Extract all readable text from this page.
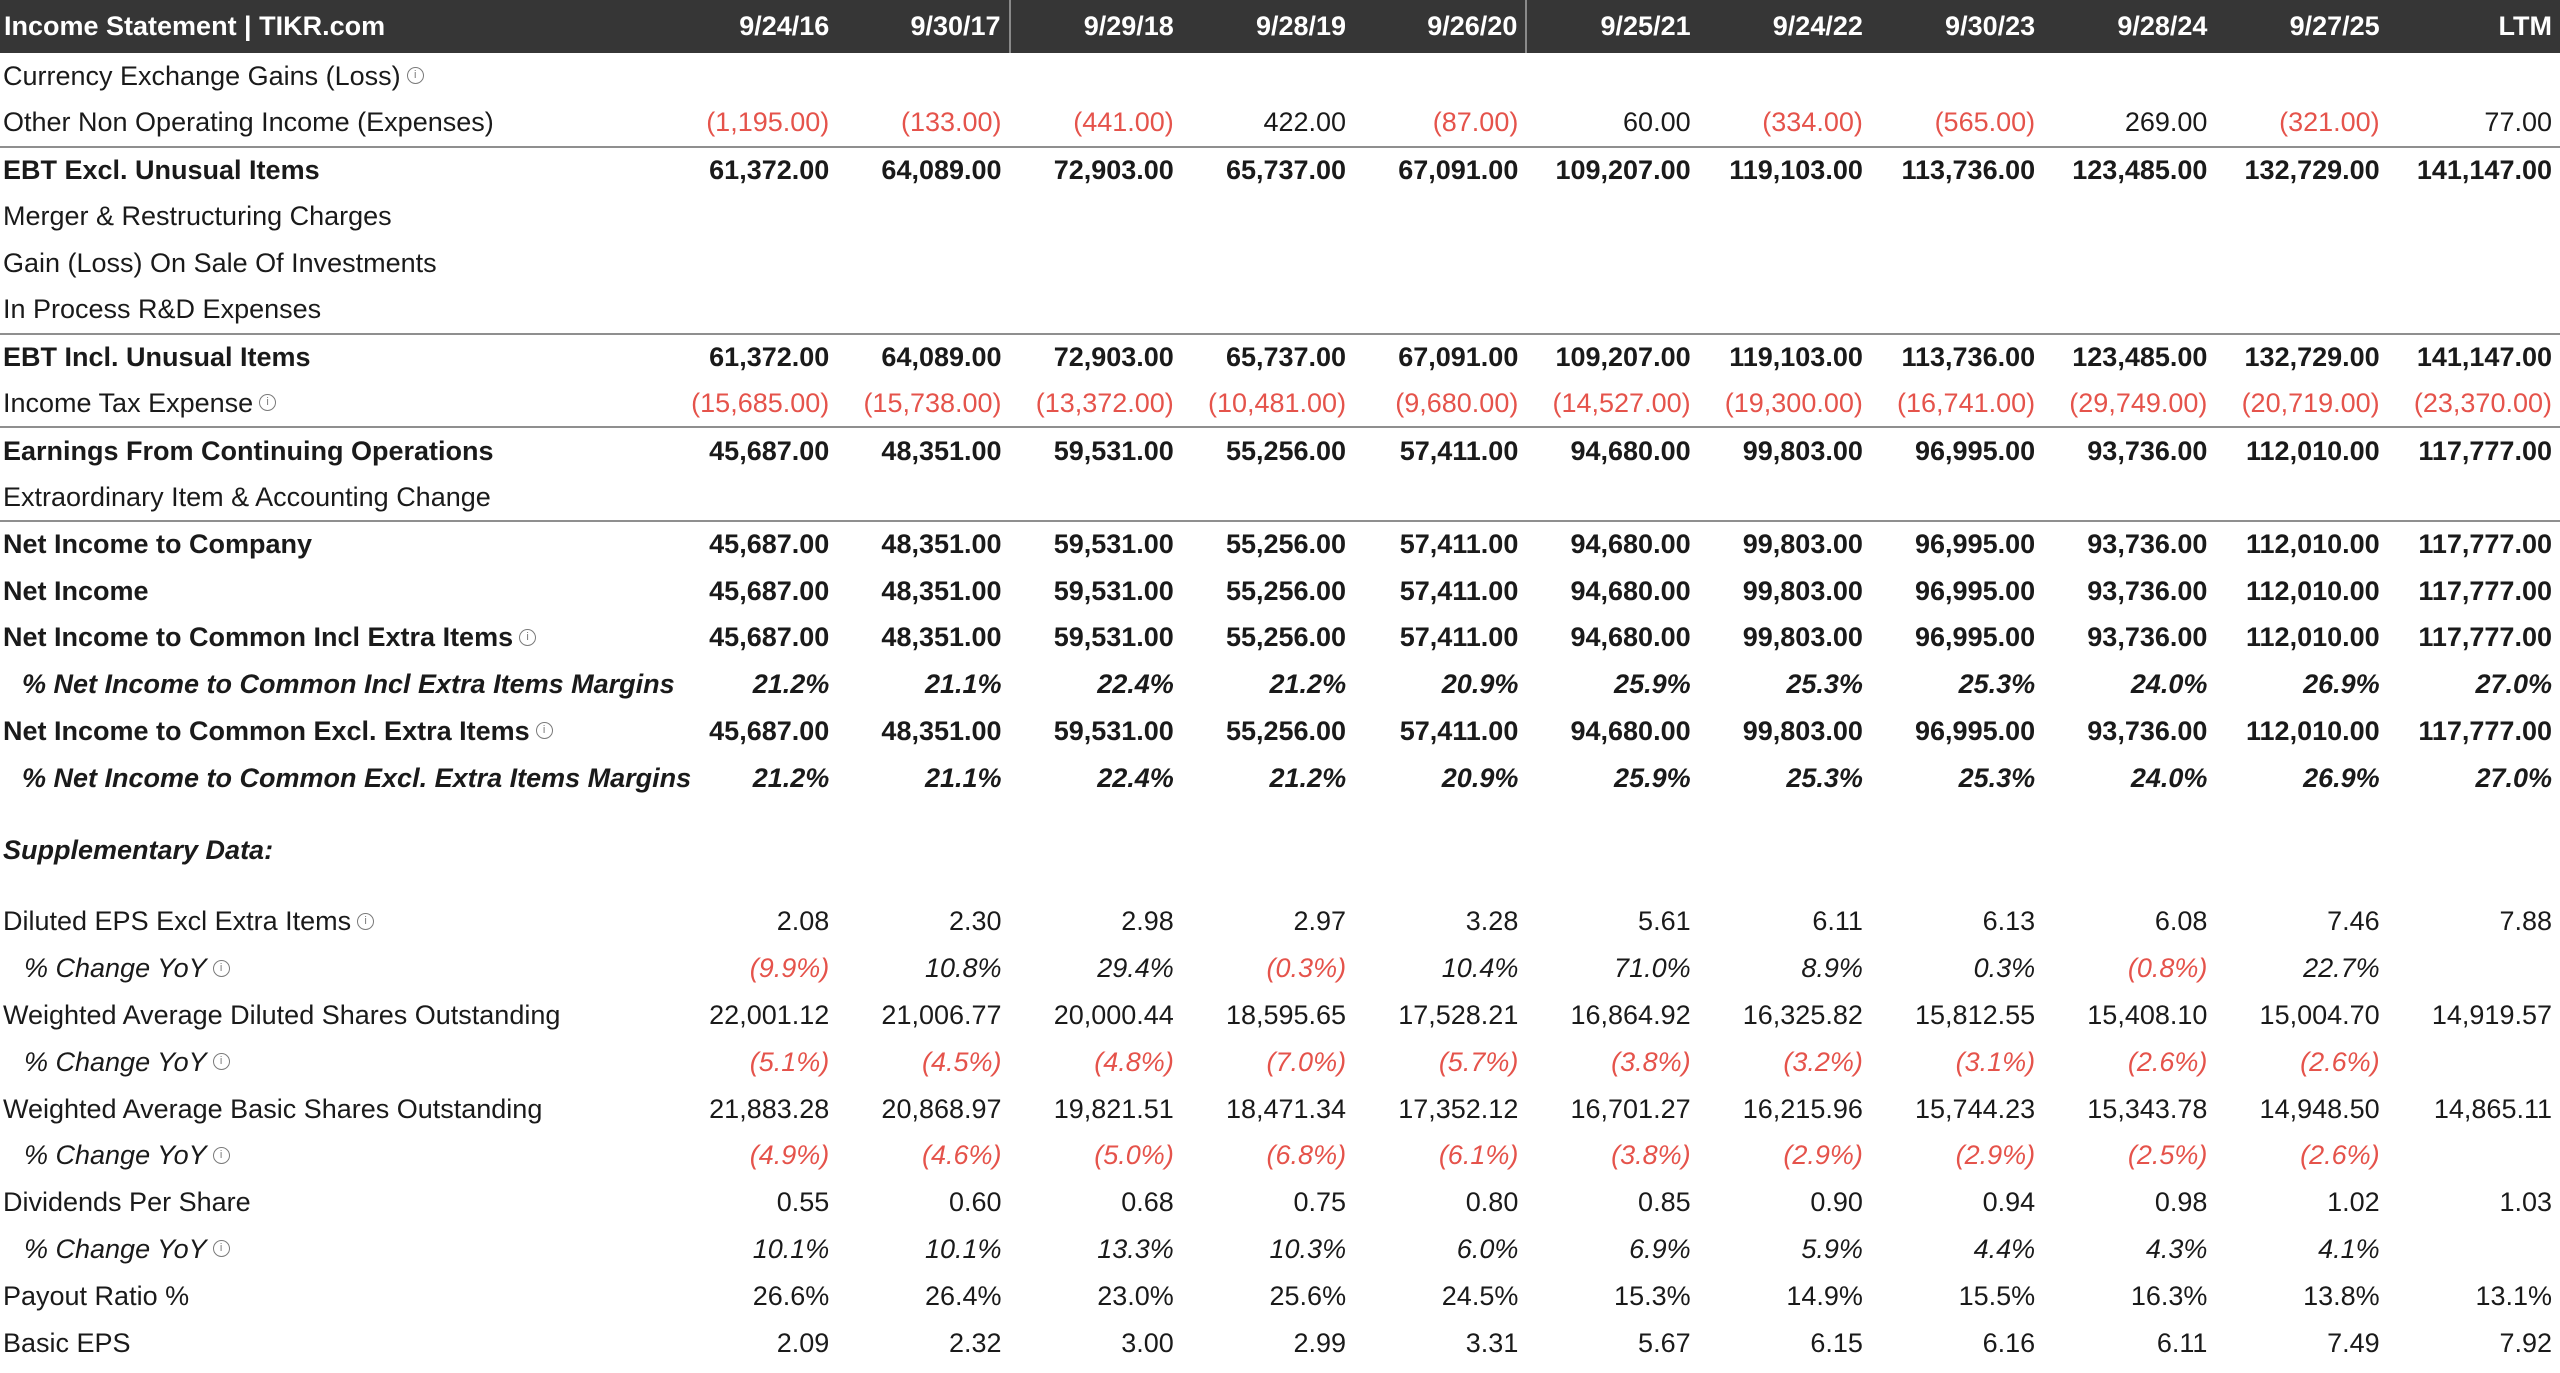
Income Statement | TIKR.com	9/24/16	9/30/17	9/29/18	9/28/19	9/26/20	9/25/21	9/24/22	9/30/23	9/28/24	9/27/25	LTM
Currency Exchange Gains (Loss) i											
Other Non Operating Income (Expenses)	(1,195.00)	(133.00)	(441.00)	422.00	(87.00)	60.00	(334.00)	(565.00)	269.00	(321.00)	77.00
EBT Excl. Unusual Items	61,372.00	64,089.00	72,903.00	65,737.00	67,091.00	109,207.00	119,103.00	113,736.00	123,485.00	132,729.00	141,147.00
Merger & Restructuring Charges											
Gain (Loss) On Sale Of Investments											
In Process R&D Expenses											
EBT Incl. Unusual Items	61,372.00	64,089.00	72,903.00	65,737.00	67,091.00	109,207.00	119,103.00	113,736.00	123,485.00	132,729.00	141,147.00
Income Tax Expense i	(15,685.00)	(15,738.00)	(13,372.00)	(10,481.00)	(9,680.00)	(14,527.00)	(19,300.00)	(16,741.00)	(29,749.00)	(20,719.00)	(23,370.00)
Earnings From Continuing Operations	45,687.00	48,351.00	59,531.00	55,256.00	57,411.00	94,680.00	99,803.00	96,995.00	93,736.00	112,010.00	117,777.00
Extraordinary Item & Accounting Change											
Net Income to Company	45,687.00	48,351.00	59,531.00	55,256.00	57,411.00	94,680.00	99,803.00	96,995.00	93,736.00	112,010.00	117,777.00
Net Income	45,687.00	48,351.00	59,531.00	55,256.00	57,411.00	94,680.00	99,803.00	96,995.00	93,736.00	112,010.00	117,777.00
Net Income to Common Incl Extra Items i	45,687.00	48,351.00	59,531.00	55,256.00	57,411.00	94,680.00	99,803.00	96,995.00	93,736.00	112,010.00	117,777.00
% Net Income to Common Incl Extra Items Margins	21.2%	21.1%	22.4%	21.2%	20.9%	25.9%	25.3%	25.3%	24.0%	26.9%	27.0%
Net Income to Common Excl. Extra Items i	45,687.00	48,351.00	59,531.00	55,256.00	57,411.00	94,680.00	99,803.00	96,995.00	93,736.00	112,010.00	117,777.00
% Net Income to Common Excl. Extra Items Margins	21.2%	21.1%	22.4%	21.2%	20.9%	25.9%	25.3%	25.3%	24.0%	26.9%	27.0%

Supplementary Data:											

Diluted EPS Excl Extra Items i	2.08	2.30	2.98	2.97	3.28	5.61	6.11	6.13	6.08	7.46	7.88
% Change YoY i	(9.9%)	10.8%	29.4%	(0.3%)	10.4%	71.0%	8.9%	0.3%	(0.8%)	22.7%	
Weighted Average Diluted Shares Outstanding	22,001.12	21,006.77	20,000.44	18,595.65	17,528.21	16,864.92	16,325.82	15,812.55	15,408.10	15,004.70	14,919.57
% Change YoY i	(5.1%)	(4.5%)	(4.8%)	(7.0%)	(5.7%)	(3.8%)	(3.2%)	(3.1%)	(2.6%)	(2.6%)	
Weighted Average Basic Shares Outstanding	21,883.28	20,868.97	19,821.51	18,471.34	17,352.12	16,701.27	16,215.96	15,744.23	15,343.78	14,948.50	14,865.11
% Change YoY i	(4.9%)	(4.6%)	(5.0%)	(6.8%)	(6.1%)	(3.8%)	(2.9%)	(2.9%)	(2.5%)	(2.6%)	
Dividends Per Share	0.55	0.60	0.68	0.75	0.80	0.85	0.90	0.94	0.98	1.02	1.03
% Change YoY i	10.1%	10.1%	13.3%	10.3%	6.0%	6.9%	5.9%	4.4%	4.3%	4.1%	
Payout Ratio %	26.6%	26.4%	23.0%	25.6%	24.5%	15.3%	14.9%	15.5%	16.3%	13.8%	13.1%
Basic EPS	2.09	2.32	3.00	2.99	3.31	5.67	6.15	6.16	6.11	7.49	7.92
